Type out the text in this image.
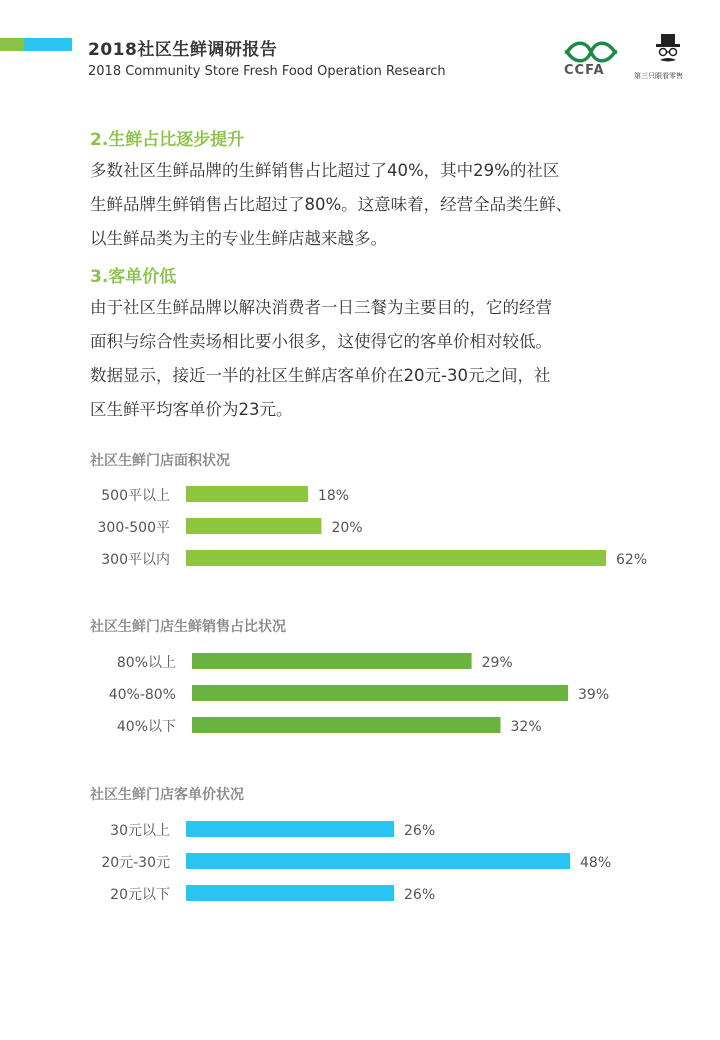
2018社区生鲜调研报告
2018 Community Store Fresh Food Operation Research	CCFA	第三只眼看零售
2.生鲜占比逐步提升

多数社区生鲜品牌的生鲜销售占比超过了40%，其中29%的社区
生鲜品牌生鲜销售占比超过了80%。这意味着，经营全品类生鲜、
以生鲜品类为主的专业生鲜店越来越多。

3.客单价低

由于社区生鲜品牌以解决消费者一日三餐为主要目的，它的经营
面积与综合性卖场相比要小很多，这使得它的客单价相对较低。
数据显示，接近一半的社区生鲜店客单价在20元-30元之间，社
区生鲜平均客单价为23元。

社区生鲜门店面积状况
500平以上	18%
300-500平	20%
300平以内	62%
社区生鲜门店生鲜销售占比状况
80%以上	29%
40%-80%	39%
40%以下	32%
社区生鲜门店客单价状况
30元以上	26%
20元-30元	48%
20元以下	26%
